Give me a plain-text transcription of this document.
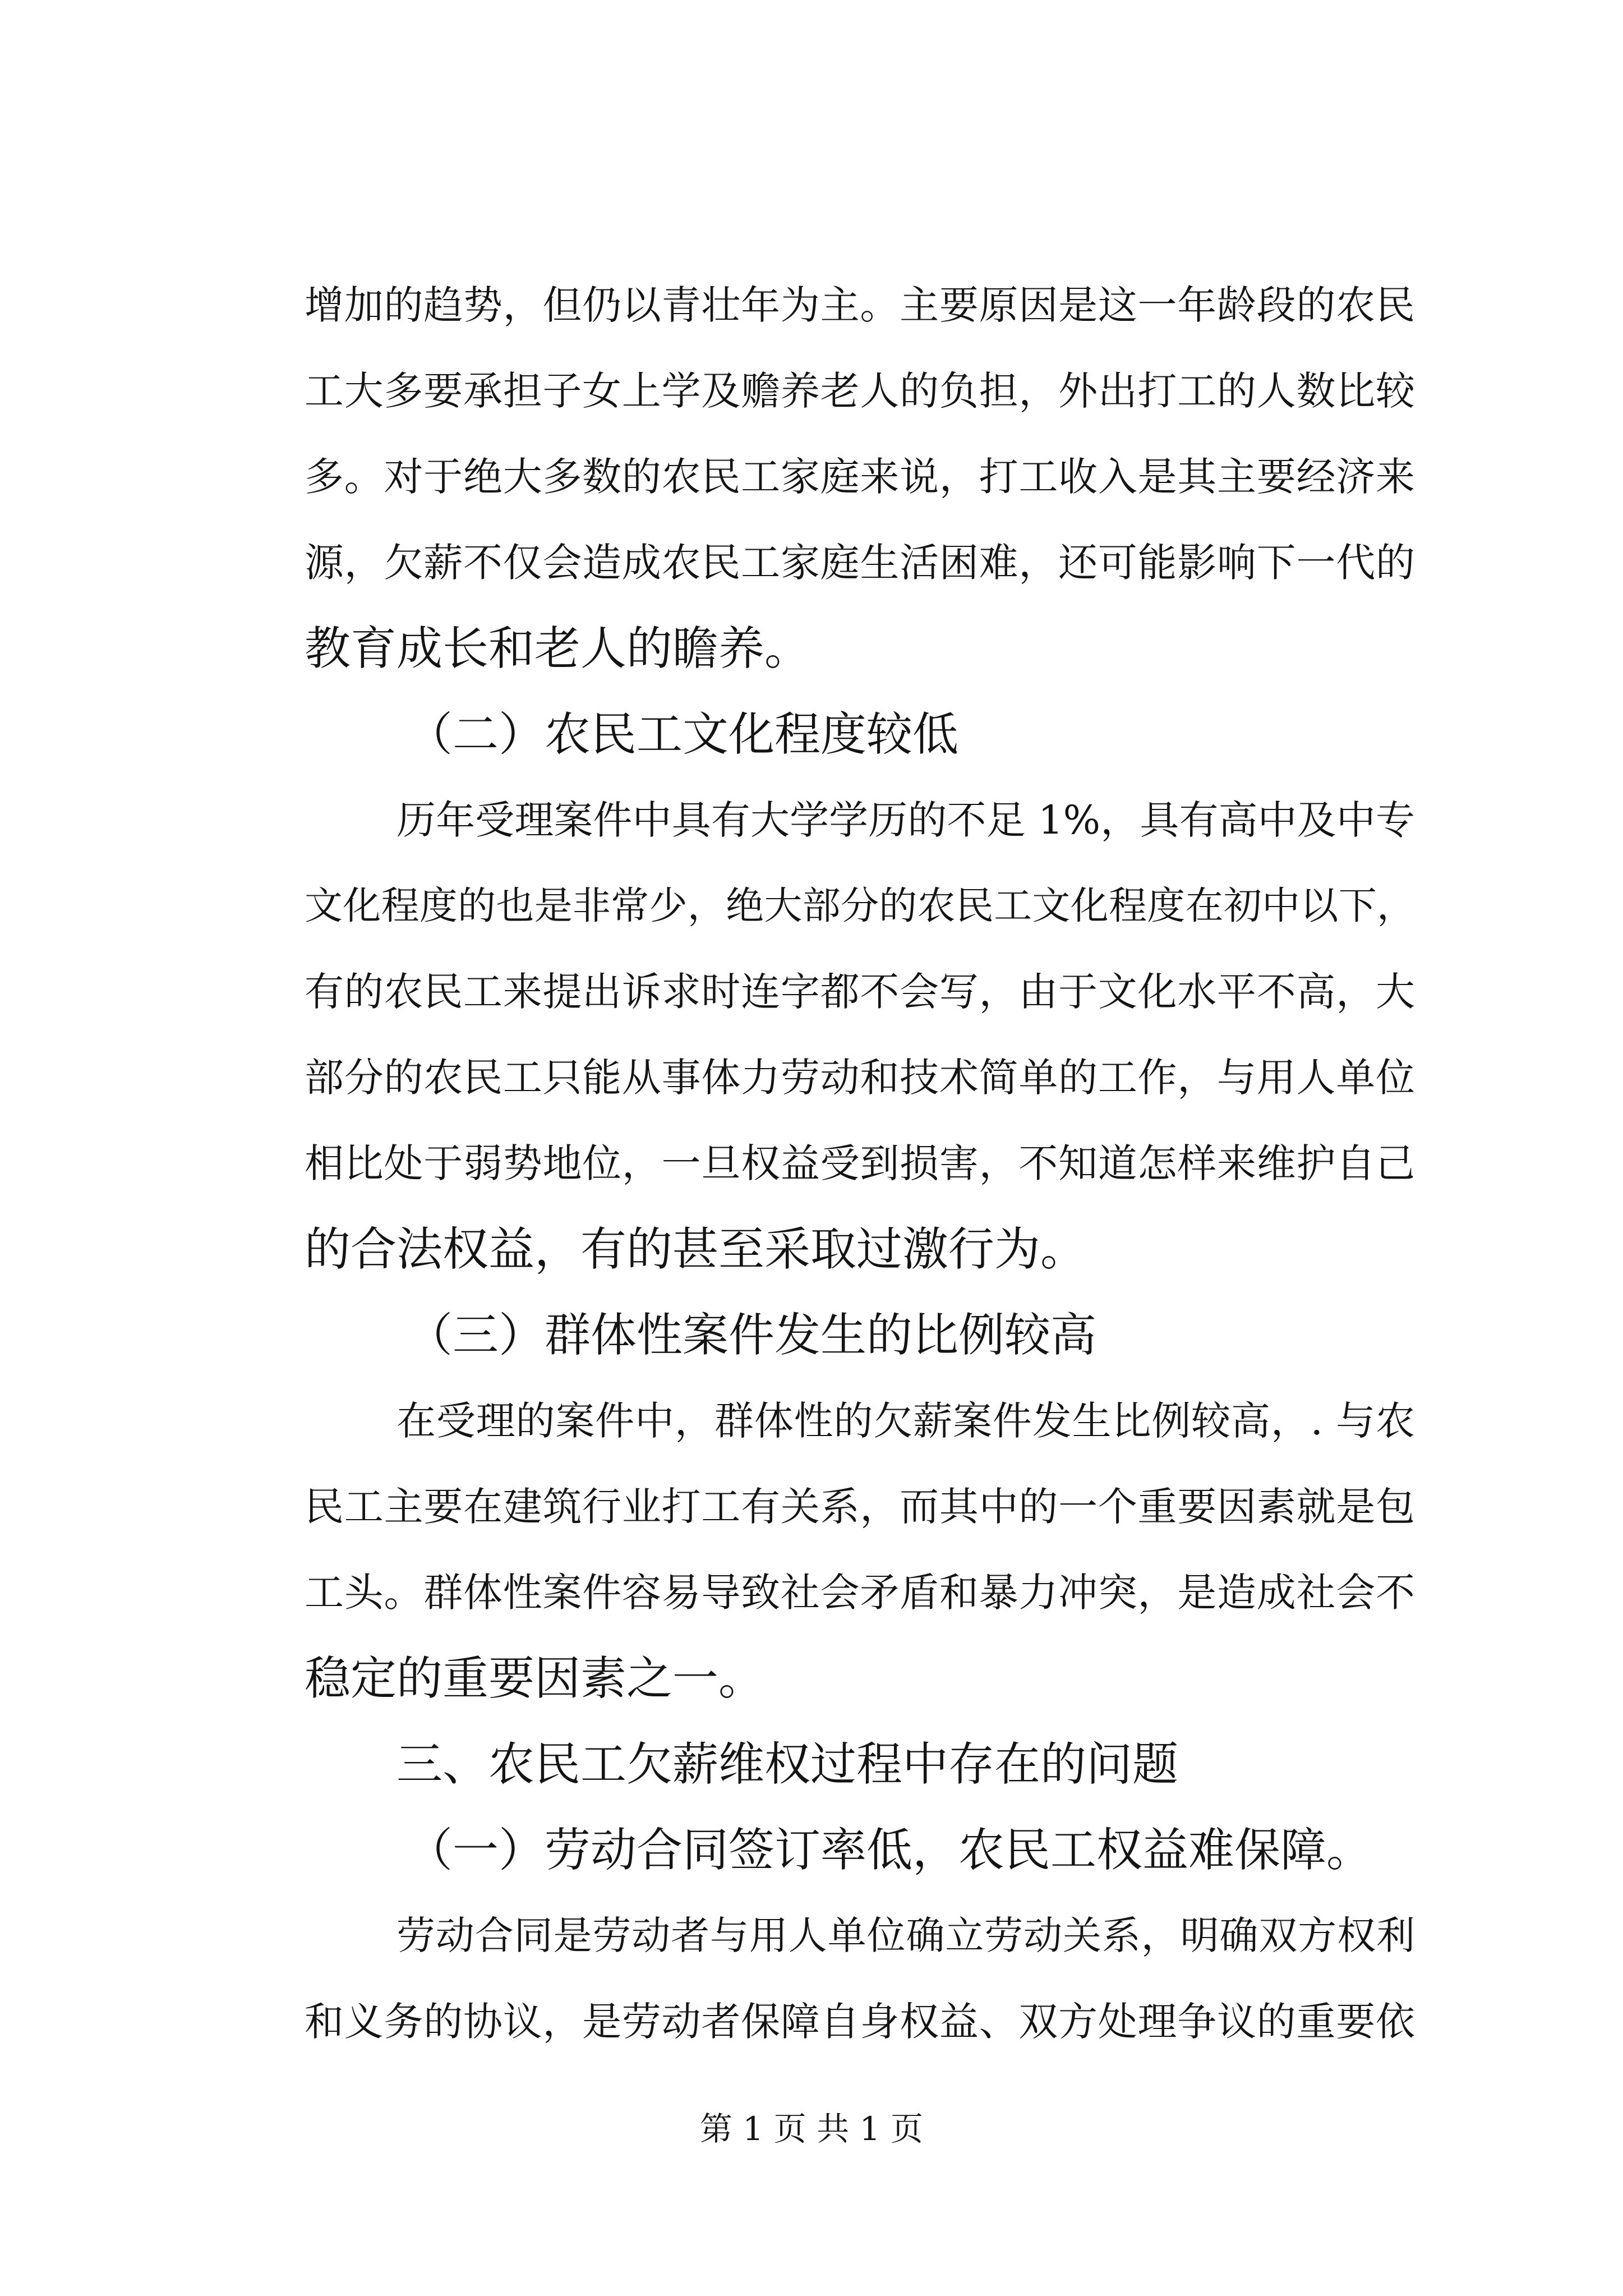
增加的趋势，但仍以青壮年为主。主要原因是这一年龄段的农民
工大多要承担子女上学及赡养老人的负担，外出打工的人数比较
多。对于绝大多数的农民工家庭来说，打工收入是其主要经济来
源，欠薪不仅会造成农民工家庭生活困难，还可能影响下一代的
教育成长和老人的瞻养。
（二）农民工文化程度较低
历年受理案件中具有大学学历的不足 1%，具有高中及中专
文化程度的也是非常少，绝大部分的农民工文化程度在初中以下，
有的农民工来提出诉求时连字都不会写，由于文化水平不高，大
部分的农民工只能从事体力劳动和技术简单的工作，与用人单位
相比处于弱势地位，一旦权益受到损害，不知道怎样来维护自己
的合法权益，有的甚至采取过激行为。
（三）群体性案件发生的比例较高
在受理的案件中，群体性的欠薪案件发生比例较高，. 与农
民工主要在建筑行业打工有关系，而其中的一个重要因素就是包
工头。群体性案件容易导致社会矛盾和暴力冲突，是造成社会不
稳定的重要因素之一。
三、农民工欠薪维权过程中存在的问题
（一）劳动合同签订率低，农民工权益难保障。
劳动合同是劳动者与用人单位确立劳动关系，明确双方权利
和义务的协议，是劳动者保障自身权益、双方处理争议的重要依
第 1 页 共 1 页
